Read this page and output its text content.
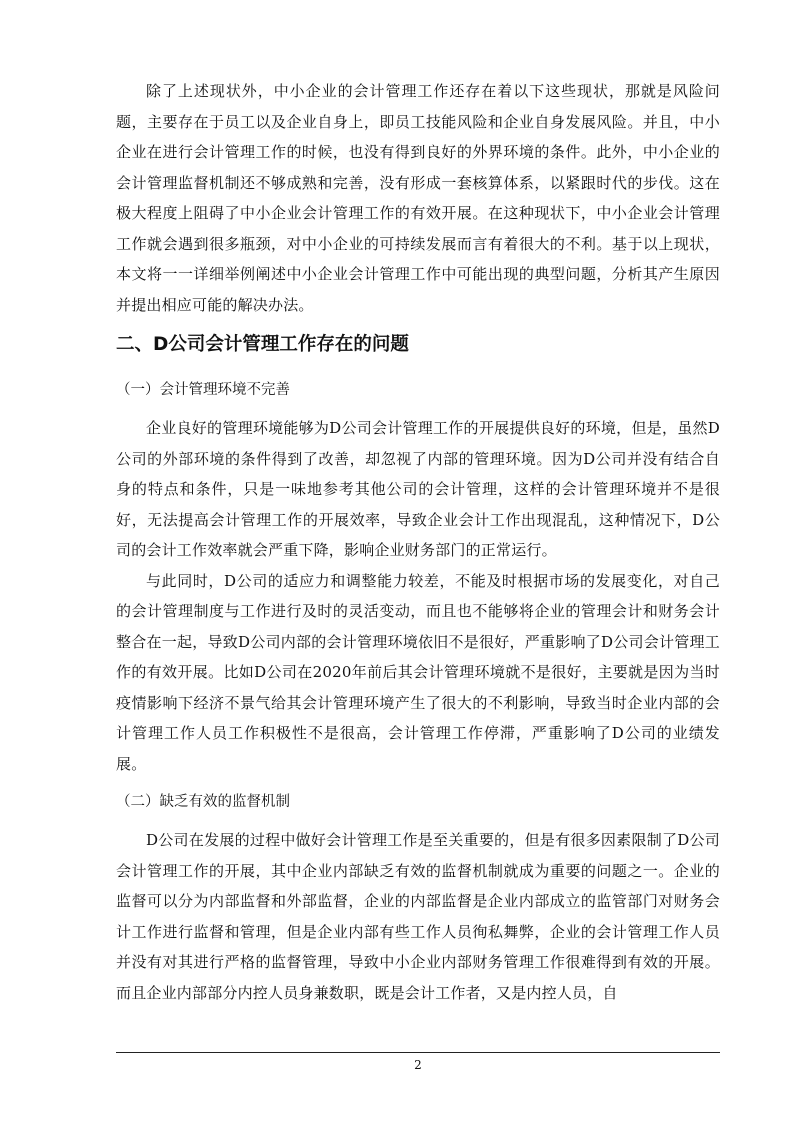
除了上述现状外，中小企业的会计管理工作还存在着以下这些现状，那就是风险问题，主要存在于员工以及企业自身上，即员工技能风险和企业自身发展风险。并且，中小企业在进行会计管理工作的时候，也没有得到良好的外界环境的条件。此外，中小企业的会计管理监督机制还不够成熟和完善，没有形成一套核算体系，以紧跟时代的步伐。这在极大程度上阻碍了中小企业会计管理工作的有效开展。在这种现状下，中小企业会计管理工作就会遇到很多瓶颈，对中小企业的可持续发展而言有着很大的不利。基于以上现状，本文将一一详细举例阐述中小企业会计管理工作中可能出现的典型问题，分析其产生原因并提出相应可能的解决办法。

二、D公司会计管理工作存在的问题
（一）会计管理环境不完善

企业良好的管理环境能够为D公司会计管理工作的开展提供良好的环境，但是，虽然D公司的外部环境的条件得到了改善，却忽视了内部的管理环境。因为D公司并没有结合自身的特点和条件，只是一味地参考其他公司的会计管理，这样的会计管理环境并不是很好，无法提高会计管理工作的开展效率，导致企业会计工作出现混乱，这种情况下，D公司的会计工作效率就会严重下降，影响企业财务部门的正常运行。

与此同时，D公司的适应力和调整能力较差，不能及时根据市场的发展变化，对自己的会计管理制度与工作进行及时的灵活变动，而且也不能够将企业的管理会计和财务会计整合在一起，导致D公司内部的会计管理环境依旧不是很好，严重影响了D公司会计管理工作的有效开展。比如D公司在2020年前后其会计管理环境就不是很好，主要就是因为当时疫情影响下经济不景气给其会计管理环境产生了很大的不利影响，导致当时企业内部的会计管理工作人员工作积极性不是很高，会计管理工作停滞，严重影响了D公司的业绩发展。

（二）缺乏有效的监督机制

D公司在发展的过程中做好会计管理工作是至关重要的，但是有很多因素限制了D公司会计管理工作的开展，其中企业内部缺乏有效的监督机制就成为重要的问题之一。企业的监督可以分为内部监督和外部监督，企业的内部监督是企业内部成立的监管部门对财务会计工作进行监督和管理，但是企业内部有些工作人员徇私舞弊，企业的会计管理工作人员并没有对其进行严格的监督管理，导致中小企业内部财务管理工作很难得到有效的开展。而且企业内部部分内控人员身兼数职，既是会计工作者，又是内控人员，自

2
